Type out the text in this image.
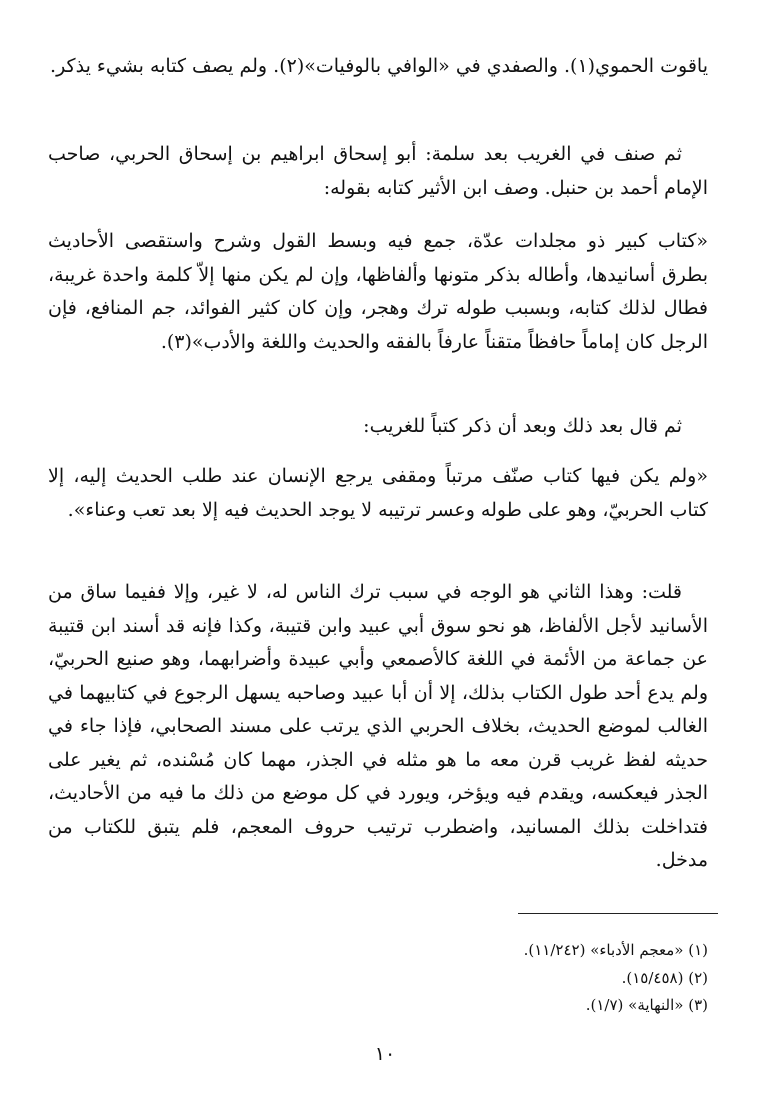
ياقوت الحموي(١). والصفدي في «الوافي بالوفيات»(٢). ولم يصف كتابه بشيء يذكر.

ثم صنف في الغريب بعد سلمة: أبو إسحاق ابراهيم بن إسحاق الحربي، صاحب الإمام أحمد بن حنبل. وصف ابن الأثير كتابه بقوله:

«كتاب كبير ذو مجلدات عدّة، جمع فيه وبسط القول وشرح واستقصى الأحاديث بطرق أسانيدها، وأطاله بذكر متونها وألفاظها، وإن لم يكن منها إلاّ كلمة واحدة غريبة، فطال لذلك كتابه، وبسبب طوله ترك وهجر، وإن كان كثير الفوائد، جم المنافع، فإن الرجل كان إماماً حافظاً متقناً عارفاً بالفقه والحديث واللغة والأدب»(٣).

ثم قال بعد ذلك وبعد أن ذكر كتباً للغريب:

«ولم يكن فيها كتاب صنّف مرتباً ومقفى يرجع الإنسان عند طلب الحديث إليه، إلا كتاب الحربيّ، وهو على طوله وعسر ترتيبه لا يوجد الحديث فيه إلا بعد تعب وعناء».

قلت: وهذا الثاني هو الوجه في سبب ترك الناس له، لا غير، وإلا ففيما ساق من الأسانيد لأجل الألفاظ، هو نحو سوق أبي عبيد وابن قتيبة، وكذا فإنه قد أسند ابن قتيبة عن جماعة من الأئمة في اللغة كالأصمعي وأبي عبيدة وأضرابهما، وهو صنيع الحربيّ، ولم يدع أحد طول الكتاب بذلك، إلا أن أبا عبيد وصاحبه يسهل الرجوع في كتابيهما في الغالب لموضع الحديث، بخلاف الحربي الذي يرتب على مسند الصحابي، فإذا جاء في حديثه لفظ غريب قرن معه ما هو مثله في الجذر، مهما كان مُسْنده، ثم يغير على الجذر فيعكسه، ويقدم فيه ويؤخر، ويورد في كل موضع من ذلك ما فيه من الأحاديث، فتداخلت بذلك المسانيد، واضطرب ترتيب حروف المعجم، فلم يتبق للكتاب من مدخل.

(١) «معجم الأدباء» (١١/٢٤٢).

(٢) (١٥/٤٥٨).

(٣) «النهاية» (١/٧).

١٠
